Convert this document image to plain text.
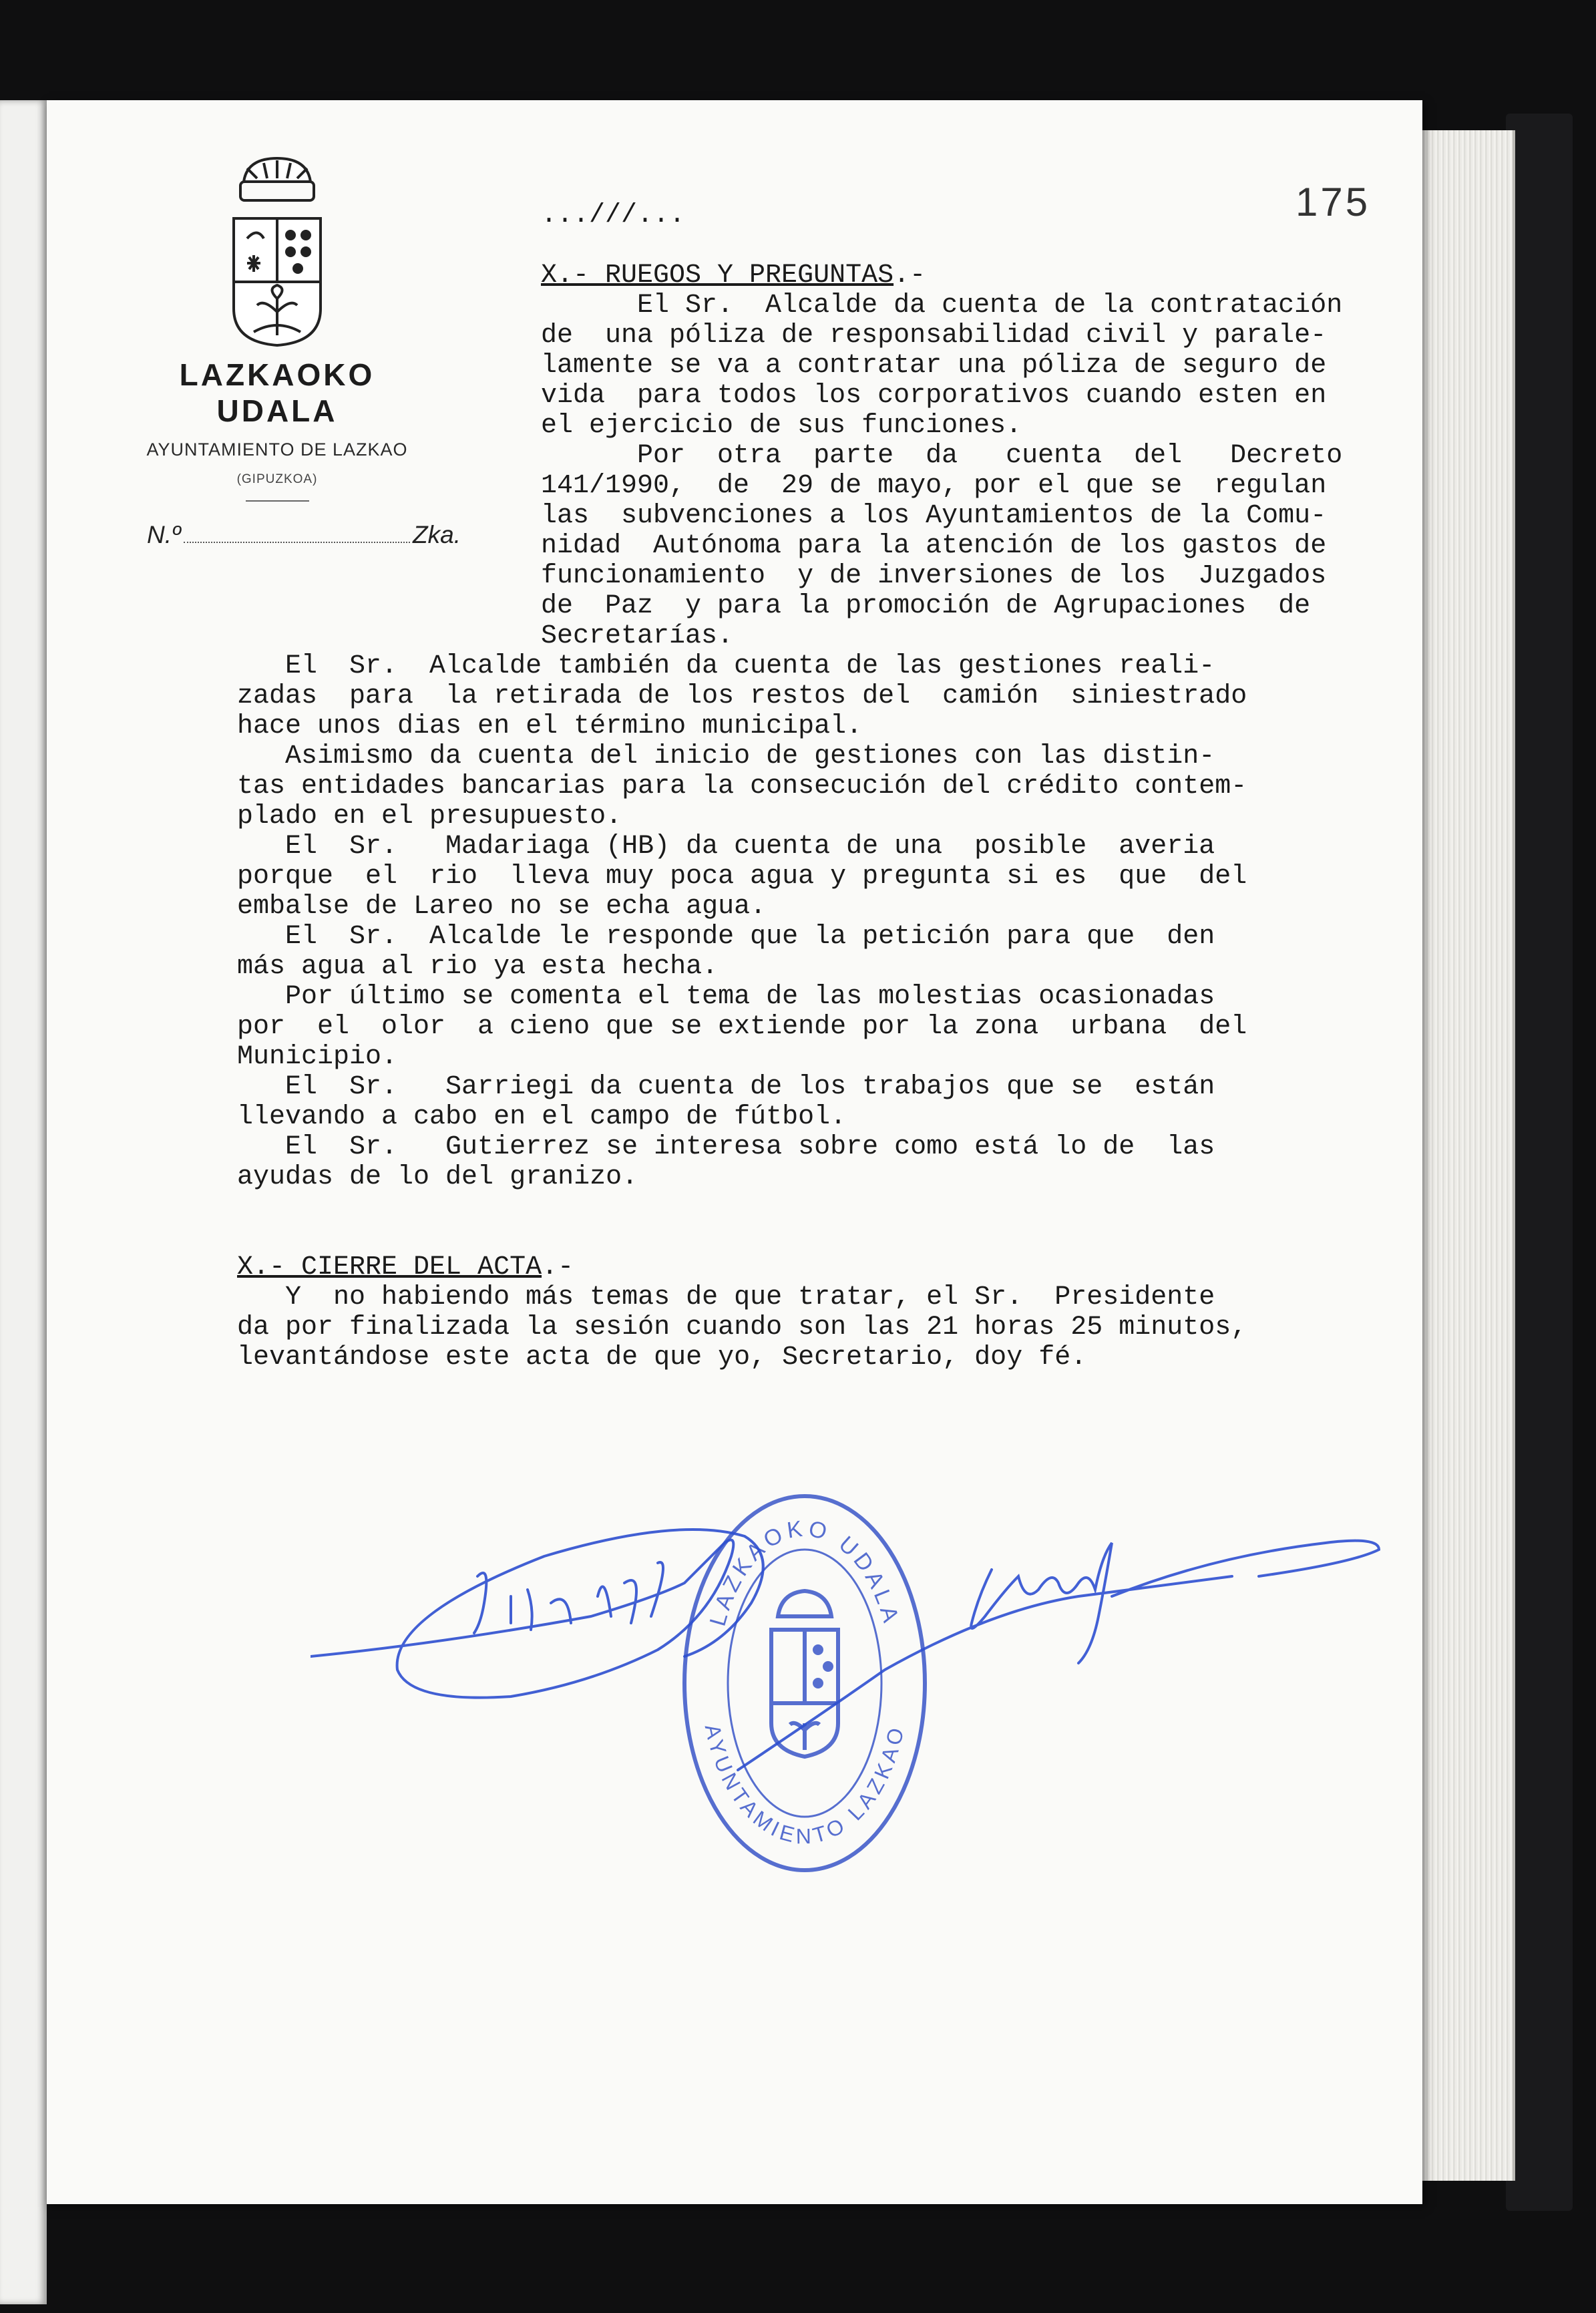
LAZKAOKO UDALA
AYUNTAMIENTO DE LAZKAO
(GIPUZKOA)
N.º	Zka.
175
...///...
X.- RUEGOS Y PREGUNTAS.-
El Sr.  Alcalde da cuenta de la contratación
de  una póliza de responsabilidad civil y parale-
lamente se va a contratar una póliza de seguro de
vida  para todos los corporativos cuando esten en
el ejercicio de sus funciones.
Por  otra  parte  da   cuenta  del   Decreto
141/1990,  de  29 de mayo, por el que se  regulan
las  subvenciones a los Ayuntamientos de la Comu-
nidad  Autónoma para la atención de los gastos de
funcionamiento  y de inversiones de los  Juzgados
de  Paz  y para la promoción de Agrupaciones  de
Secretarías.
El  Sr.  Alcalde también da cuenta de las gestiones reali-
zadas  para  la retirada de los restos del  camión  siniestrado
hace unos dias en el término municipal.
Asimismo da cuenta del inicio de gestiones con las distin-
tas entidades bancarias para la consecución del crédito contem-
plado en el presupuesto.
El  Sr.   Madariaga (HB) da cuenta de una  posible  averia
porque  el  rio  lleva muy poca agua y pregunta si es  que  del
embalse de Lareo no se echa agua.
El  Sr.  Alcalde le responde que la petición para que  den
más agua al rio ya esta hecha.
Por último se comenta el tema de las molestias ocasionadas
por  el  olor  a cieno que se extiende por la zona  urbana  del
Municipio.
El  Sr.   Sarriegi da cuenta de los trabajos que se  están
llevando a cabo en el campo de fútbol.
El  Sr.   Gutierrez se interesa sobre como está lo de  las
ayudas de lo del granizo.
X.- CIERRE DEL ACTA.-
Y  no habiendo más temas de que tratar, el Sr.  Presidente
da por finalizada la sesión cuando son las 21 horas 25 minutos,
levantándose este acta de que yo, Secretario, doy fé.
LAZKAOKO UDALA
AYUNTAMIENTO LAZKAO
